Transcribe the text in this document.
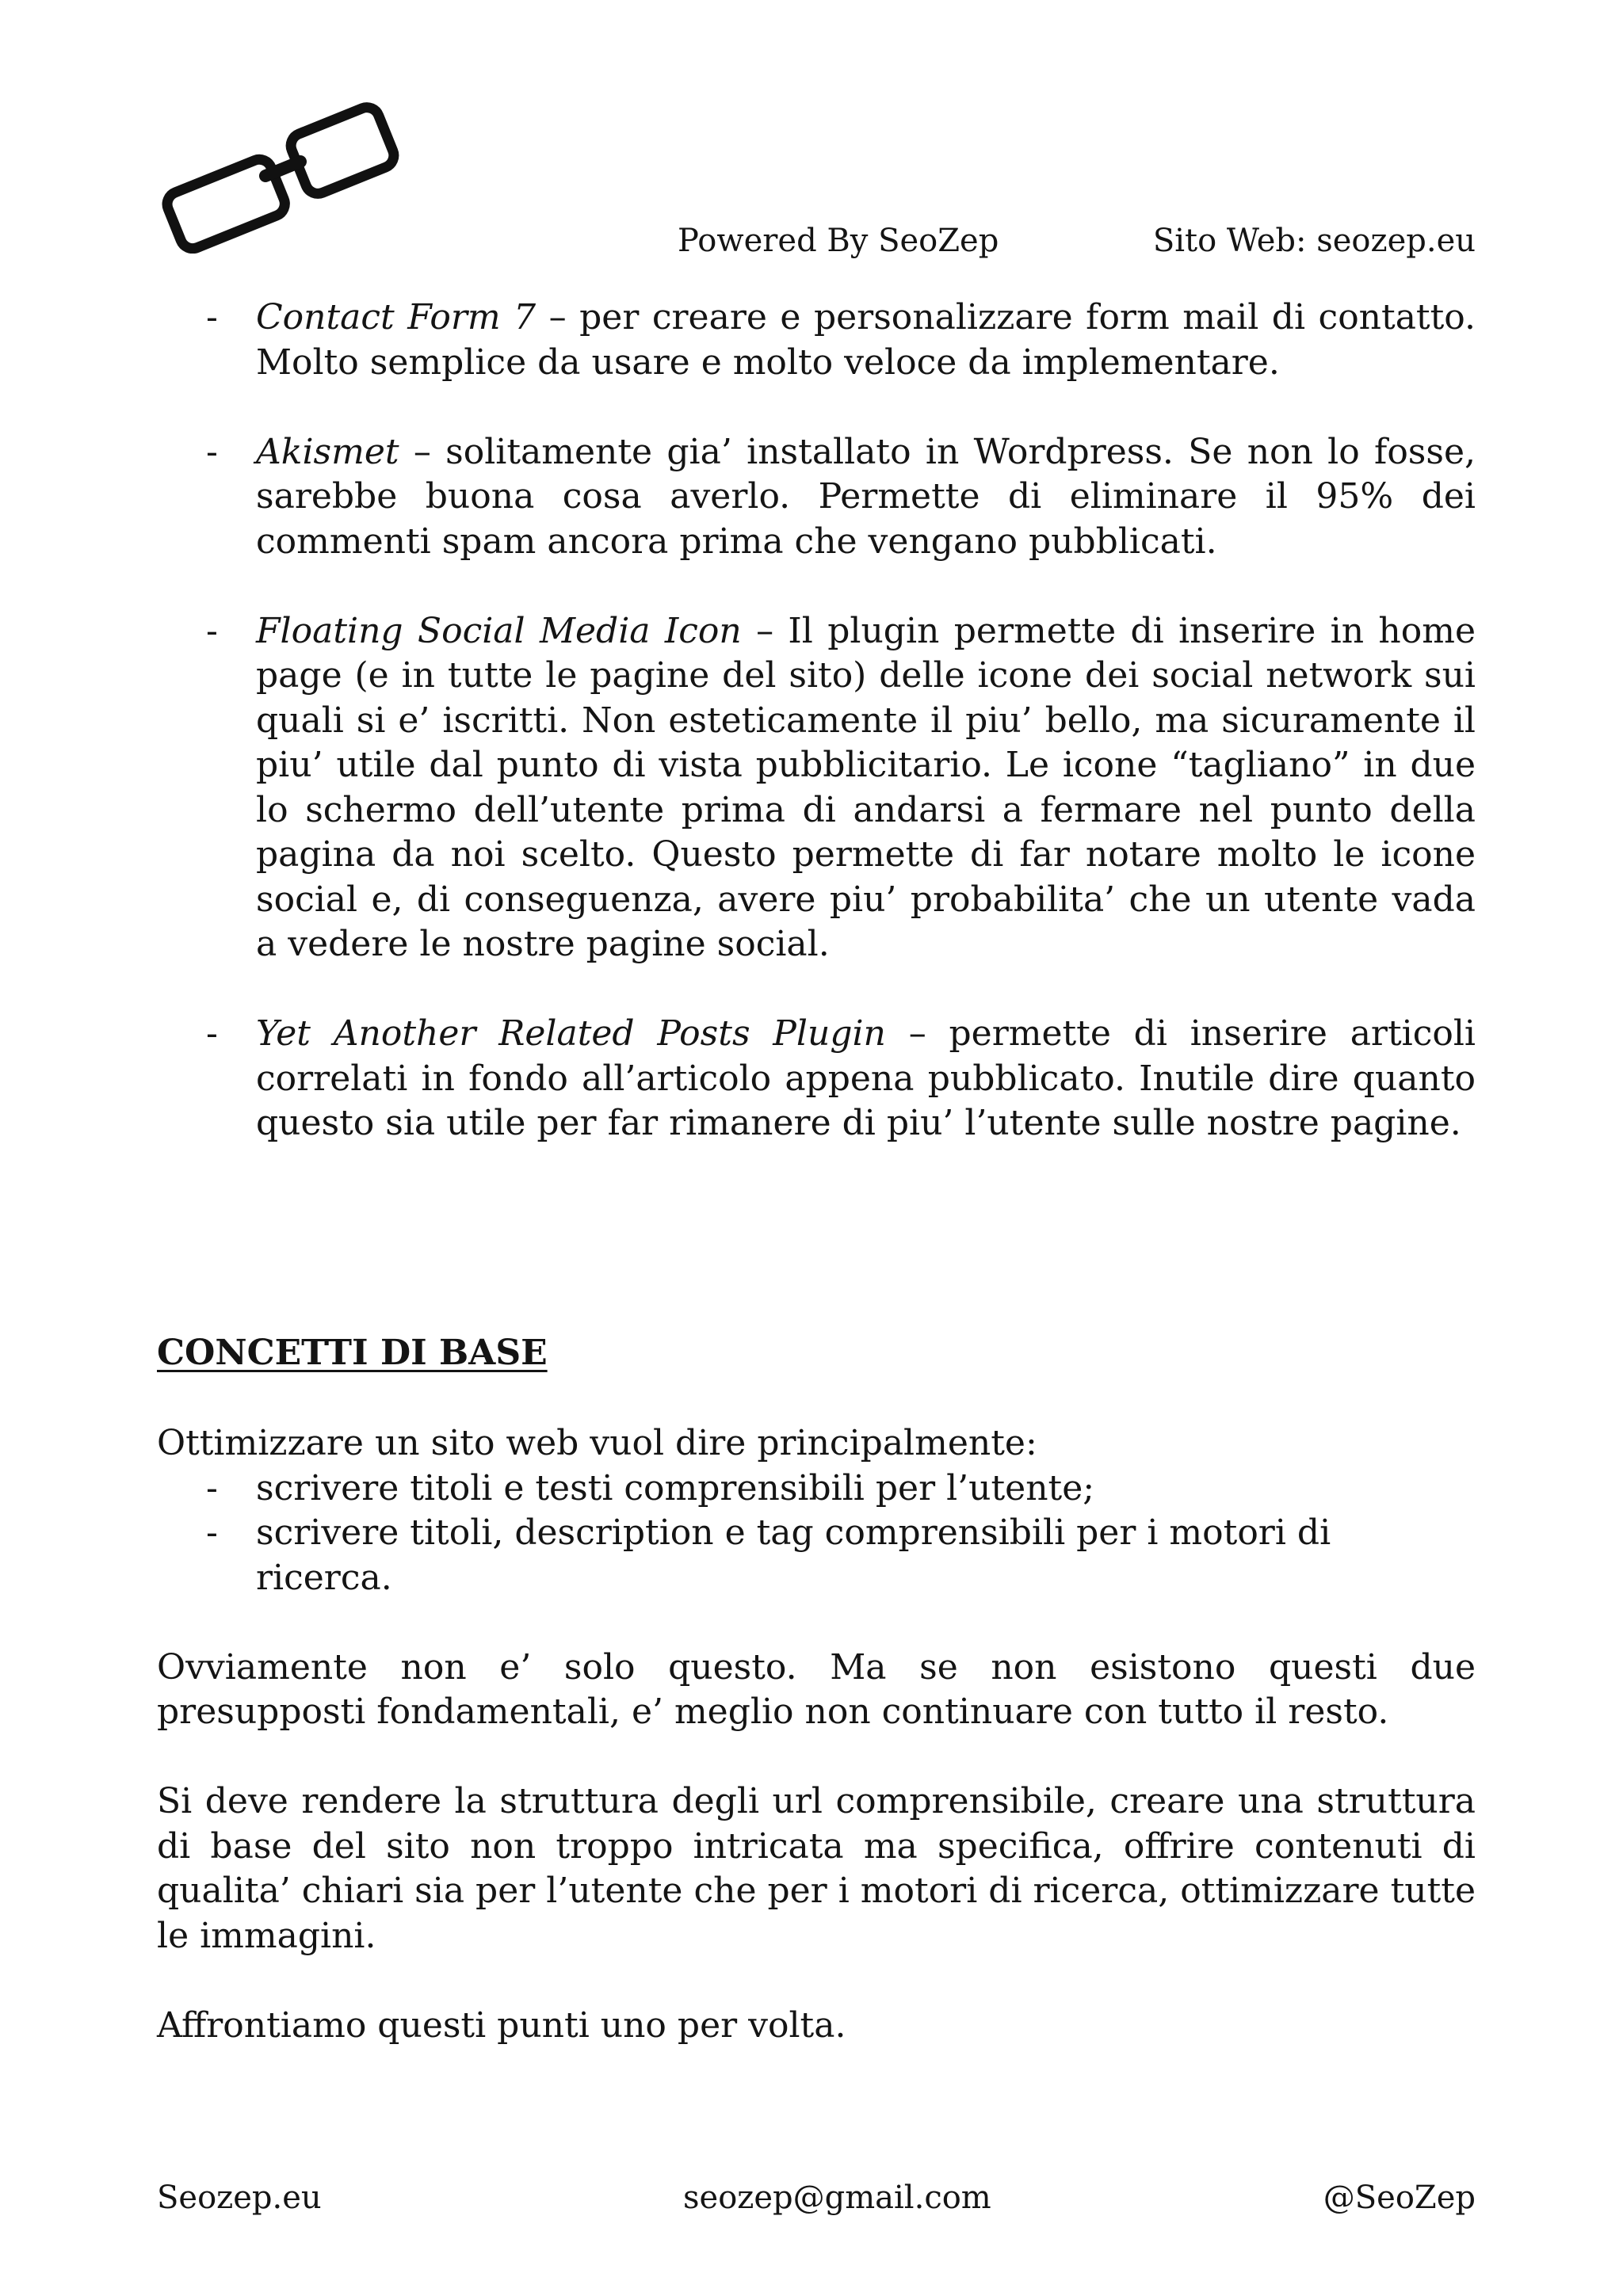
Powered By SeoZep	Sito Web: seozep.eu
- Contact Form 7 – per creare e personalizzare form mail di contatto. Molto semplice da usare e molto veloce da implementare.
- Akismet – solitamente gia’ installato in Wordpress. Se non lo fosse, sarebbe buona cosa averlo. Permette di eliminare il 95% dei commenti spam ancora prima che vengano pubblicati.
- Floating Social Media Icon – Il plugin permette di inserire in home page (e in tutte le pagine del sito) delle icone dei social network sui quali si e’ iscritti. Non esteticamente il piu’ bello, ma sicuramente il piu’ utile dal punto di vista pubblicitario. Le icone “tagliano” in due lo schermo dell’utente prima di andarsi a fermare nel punto della pagina da noi scelto. Questo permette di far notare molto le icone social e, di conseguenza, avere piu’ probabilita’ che un utente vada a vedere le nostre pagine social.
- Yet Another Related Posts Plugin – permette di inserire articoli correlati in fondo all’articolo appena pubblicato. Inutile dire quanto questo sia utile per far rimanere di piu’ l’utente sulle nostre pagine.
CONCETTI DI BASE

Ottimizzare un sito web vuol dire principalmente:

- scrivere titoli e testi comprensibili per l’utente;
- scrivere titoli, description e tag comprensibili per i motori di ricerca.

Ovviamente non e’ solo questo. Ma se non esistono questi due presupposti fondamentali, e’ meglio non continuare con tutto il resto.

Si deve rendere la struttura degli url comprensibile, creare una struttura di base del sito non troppo intricata ma specifica, offrire contenuti di qualita’ chiari sia per l’utente che per i motori di ricerca, ottimizzare tutte le immagini.

Affrontiamo questi punti uno per volta.

Seozep.eu	seozep@gmail.com	@SeoZep
